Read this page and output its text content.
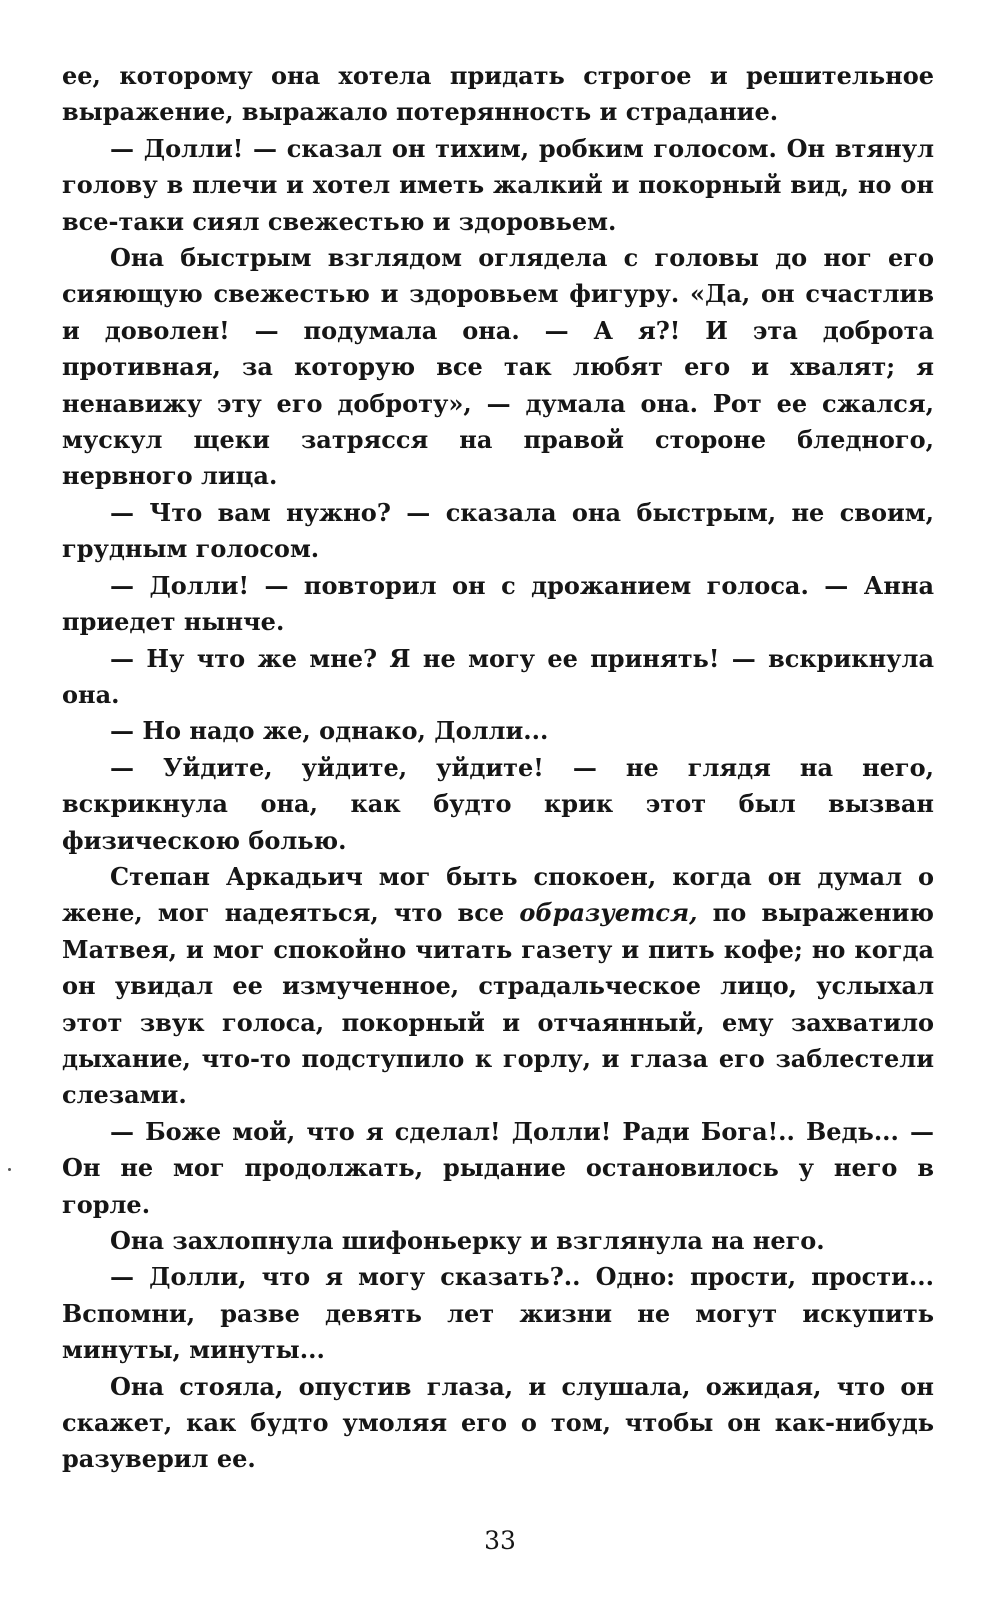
ее, которому она хотела придать строгое и решительное выражение, выражало потерянность и страдание.

— Долли! — сказал он тихим, робким голосом. Он втянул голову в плечи и хотел иметь жалкий и покорный вид, но он все-таки сиял свежестью и здоровьем.

Она быстрым взглядом оглядела с головы до ног его сияющую свежестью и здоровьем фигуру. «Да, он счастлив и доволен! — подумала она. — А я?! И эта доброта противная, за которую все так любят его и хвалят; я ненавижу эту его доброту», — думала она. Рот ее сжался, мускул щеки затрясся на правой стороне бледного, нервного лица.

— Что вам нужно? — сказала она быстрым, не своим, грудным голосом.

— Долли! — повторил он с дрожанием голоса. — Анна приедет нынче.

— Ну что же мне? Я не могу ее принять! — вскрикнула она.

— Но надо же, однако, Долли...

— Уйдите, уйдите, уйдите! — не глядя на него, вскрикнула она, как будто крик этот был вызван физическою болью.

Степан Аркадьич мог быть спокоен, когда он думал о жене, мог надеяться, что все образуется, по выражению Матвея, и мог спокойно читать газету и пить кофе; но когда он увидал ее измученное, страдальческое лицо, услыхал этот звук голоса, покорный и отчаянный, ему захватило дыхание, что-то подступило к горлу, и глаза его заблестели слезами.

— Боже мой, что я сделал! Долли! Ради Бога!.. Ведь... — Он не мог продолжать, рыдание остановилось у него в горле.

Она захлопнула шифоньерку и взглянула на него.

— Долли, что я могу сказать?.. Одно: прости, прости... Вспомни, разве девять лет жизни не могут искупить минуты, минуты...

Она стояла, опустив глаза, и слушала, ожидая, что он скажет, как будто умоляя его о том, чтобы он как-нибудь разуверил ее.

33
